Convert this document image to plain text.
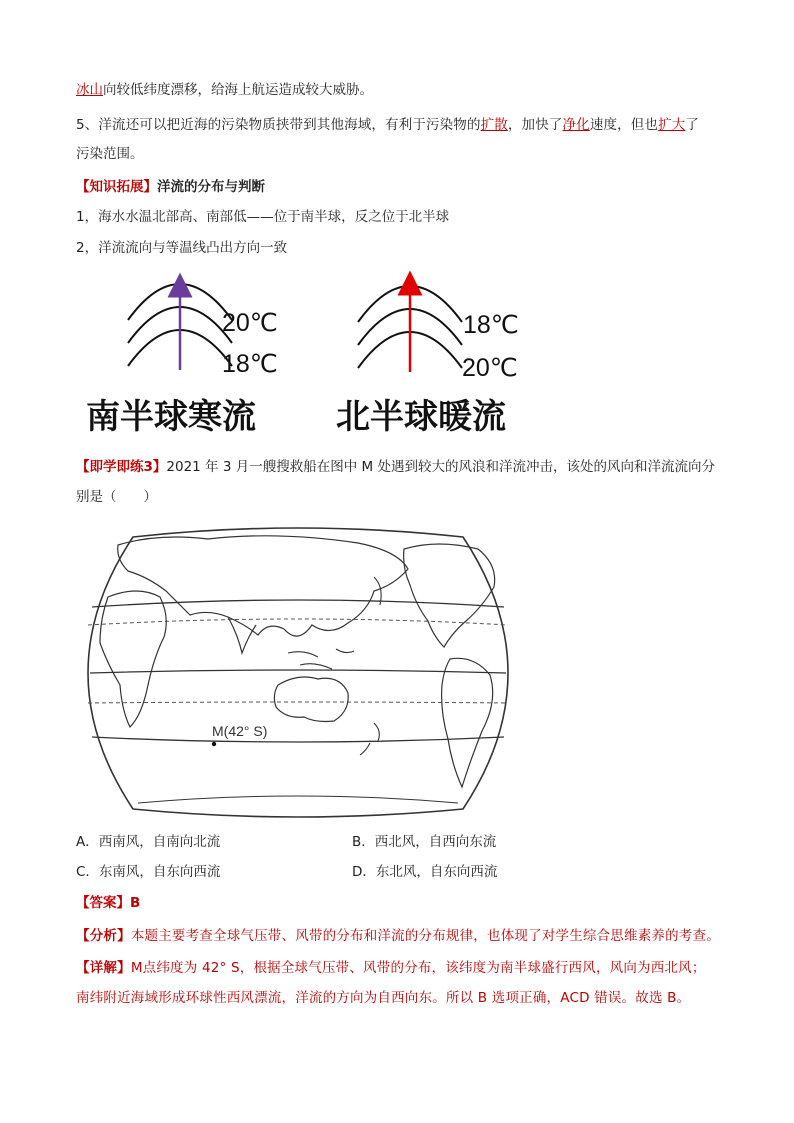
冰山向较低纬度漂移，给海上航运造成较大威胁。
5、洋流还可以把近海的污染物质挟带到其他海域，有利于污染物的扩散，加快了净化速度，但也扩大了
污染范围。
【知识拓展】洋流的分布与判断
1，海水水温北部高、南部低——位于南半球，反之位于北半球
2，洋流流向与等温线凸出方向一致
20℃
18℃
18℃
20℃
南半球寒流 北半球暖流
【即学即练3】2021 年 3 月一艘搜救船在图中 M 处遇到较大的风浪和洋流冲击，该处的风向和洋流流向分
别是（　　）
M(42° S)
A．西南风，自南向北流	B．西北风，自西向东流
C．东南风，自东向西流	D．东北风，自东向西流
【答案】B
【分析】本题主要考查全球气压带、风带的分布和洋流的分布规律，也体现了对学生综合思维素养的考查。
【详解】M点纬度为 42° S，根据全球气压带、风带的分布，该纬度为南半球盛行西风，风向为西北风；
南纬附近海域形成环球性西风漂流，洋流的方向为自西向东。所以 B 选项正确，ACD 错误。故选 B。
